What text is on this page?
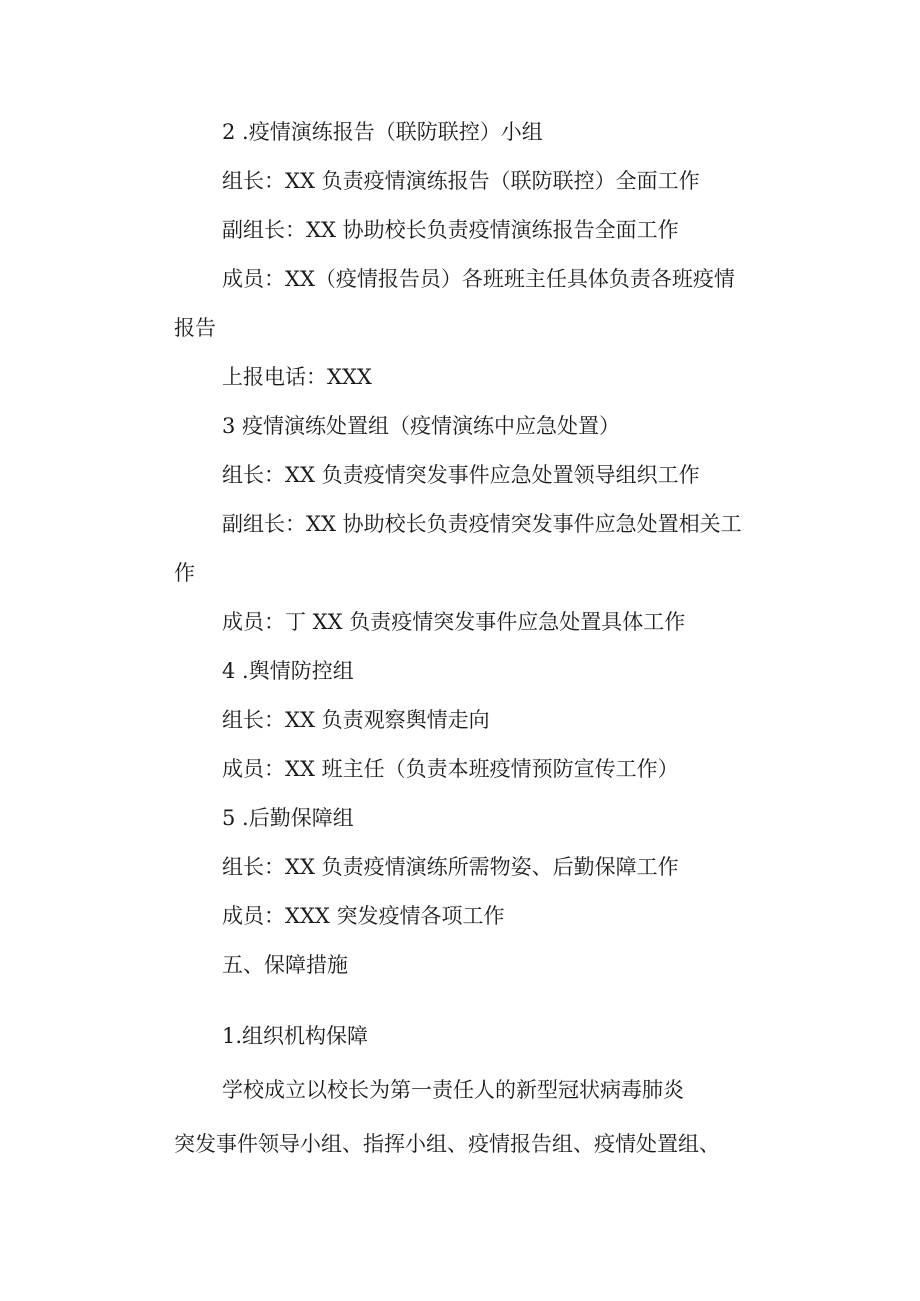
2 .疫情演练报告（联防联控）小组
组长：XX 负责疫情演练报告（联防联控）全面工作
副组长：XX 协助校长负责疫情演练报告全面工作
成员：XX（疫情报告员）各班班主任具体负责各班疫情
报告
上报电话：XXX
3 疫情演练处置组（疫情演练中应急处置）
组长：XX 负责疫情突发事件应急处置领导组织工作
副组长：XX 协助校长负责疫情突发事件应急处置相关工
作
成员：丁 XX 负责疫情突发事件应急处置具体工作
4 .舆情防控组
组长：XX 负责观察舆情走向
成员：XX 班主任（负责本班疫情预防宣传工作）
5 .后勤保障组
组长：XX 负责疫情演练所需物姿、后勤保障工作
成员：XXX 突发疫情各项工作
五、保障措施
1.组织机构保障
学校成立以校长为第一责任人的新型冠状病毒肺炎
突发事件领导小组、指挥小组、疫情报告组、疫情处置组、
